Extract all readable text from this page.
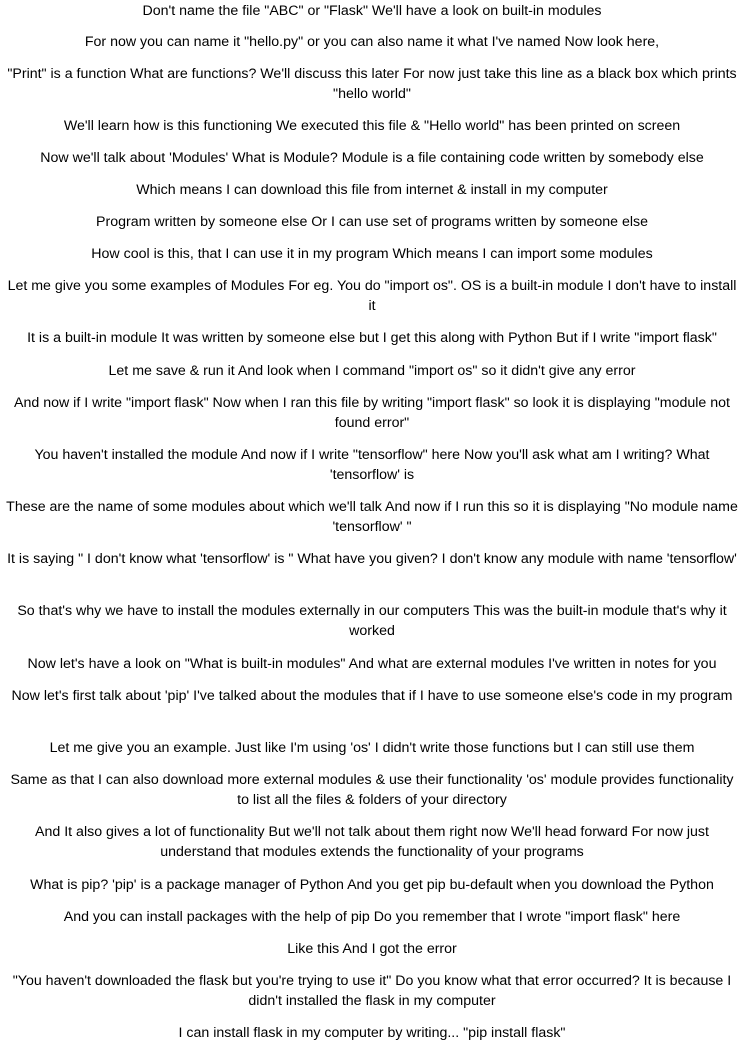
Don't name the file "ABC" or "Flask" We'll have a look on built-in modules

For now you can name it "hello.py" or you can also name it what I've named Now look here,

"Print" is a function What are functions? We'll discuss this later For now just take this line as a black box which prints "hello world"

We'll learn how is this functioning We executed this file & "Hello world" has been printed on screen

Now we'll talk about 'Modules' What is Module? Module is a file containing code written by somebody else

Which means I can download this file from internet & install in my computer

Program written by someone else Or I can use set of programs written by someone else

How cool is this, that I can use it in my program Which means I can import some modules

Let me give you some examples of Modules For eg. You do "import os". OS is a built-in module I don't have to install it

It is a built-in module It was written by someone else but I get this along with Python But if I write "import flask"

Let me save & run it And look when I command "import os" so it didn't give any error

And now if I write "import flask" Now when I ran this file by writing "import flask" so look it is displaying "module not found error"

You haven't installed the module And now if I write "tensorflow" here Now you'll ask what am I writing? What 'tensorflow' is

These are the name of some modules about which we'll talk And now if I run this so it is displaying "No module name 'tensorflow' "

It is saying " I don't know what 'tensorflow' is " What have you given? I don't know any module with name 'tensorflow'

So that's why we have to install the modules externally in our computers This was the built-in module that's why it worked

Now let's have a look on "What is built-in modules" And what are external modules I've written in notes for you

Now let's first talk about 'pip' I've talked about the modules that if I have to use someone else's code in my program

Let me give you an example. Just like I'm using 'os' I didn't write those functions but I can still use them

Same as that I can also download more external modules & use their functionality 'os' module provides functionality to list all the files & folders of your directory

And It also gives a lot of functionality But we'll not talk about them right now We'll head forward For now just understand that modules extends the functionality of your programs

What is pip? 'pip' is a package manager of Python And you get pip bu-default when you download the Python

And you can install packages with the help of pip Do you remember that I wrote "import flask" here

Like this And I got the error

"You haven't downloaded the flask but you're trying to use it" Do you know what that error occurred? It is because I didn't installed the flask in my computer

I can install flask in my computer by writing... "pip install flask"
